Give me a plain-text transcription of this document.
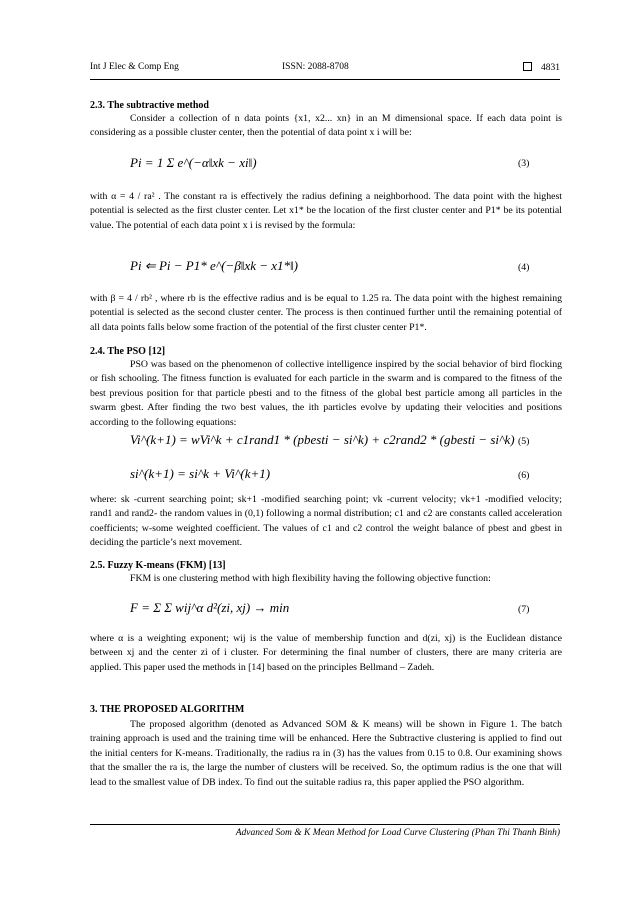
Int J Elec & Comp Eng	ISSN: 2088-8708	4831
2.3. The subtractive method
Consider a collection of n data points {x1, x2... xn} in an M dimensional space. If each data point is considering as a possible cluster center, then the potential of data point x i will be:
Pi = 1 Σ e^(−α‖xk − xi‖)	(3)
with α = 4 / ra² . The constant ra is effectively the radius defining a neighborhood. The data point with the highest potential is selected as the first cluster center. Let x1* be the location of the first cluster center and P1* be its potential value. The potential of each data point x i is revised by the formula:
Pi ⇐ Pi − P1* e^(−β‖xk − x1*‖)	(4)
with β = 4 / rb² , where rb is the effective radius and is be equal to 1.25 ra. The data point with the highest remaining potential is selected as the second cluster center. The process is then continued further until the remaining potential of all data points falls below some fraction of the potential of the first cluster center P1*.
2.4. The PSO [12]
PSO was based on the phenomenon of collective intelligence inspired by the social behavior of bird flocking or fish schooling. The fitness function is evaluated for each particle in the swarm and is compared to the fitness of the best previous position for that particle pbesti and to the fitness of the global best particle among all particles in the swarm gbest. After finding the two best values, the ith particles evolve by updating their velocities and positions according to the following equations:
Vi^(k+1) = wVi^k + c1rand1 * (pbesti − si^k) + c2rand2 * (gbesti − si^k) (5)
si^(k+1) = si^k + Vi^(k+1)	(6)
where: sk -current searching point; sk+1 -modified searching point; vk -current velocity; vk+1 -modified velocity; rand1 and rand2- the random values in (0,1) following a normal distribution; c1 and c2 are constants called acceleration coefficients; w-some weighted coefficient. The values of c1 and c2 control the weight balance of pbest and gbest in deciding the particle’s next movement.
2.5. Fuzzy K-means (FKM) [13]
FKM is one clustering method with high flexibility having the following objective function:
F = Σ Σ wij^α d²(zi, xj) → min	(7)
where α is a weighting exponent; wij is the value of membership function and d(zi, xj) is the Euclidean distance between xj and the center zi of i cluster. For determining the final number of clusters, there are many criteria are applied. This paper used the methods in [14] based on the principles Bellmand – Zadeh.
3. THE PROPOSED ALGORITHM
The proposed algorithm (denoted as Advanced SOM & K means) will be shown in Figure 1. The batch training approach is used and the training time will be enhanced. Here the Subtractive clustering is applied to find out the initial centers for K-means. Traditionally, the radius ra in (3) has the values from 0.15 to 0.8. Our examining shows that the smaller the ra is, the large the number of clusters will be received. So, the optimum radius is the one that will lead to the smallest value of DB index. To find out the suitable radius ra, this paper applied the PSO algorithm.
Advanced Som & K Mean Method for Load Curve Clustering (Phan Thi Thanh Binh)
